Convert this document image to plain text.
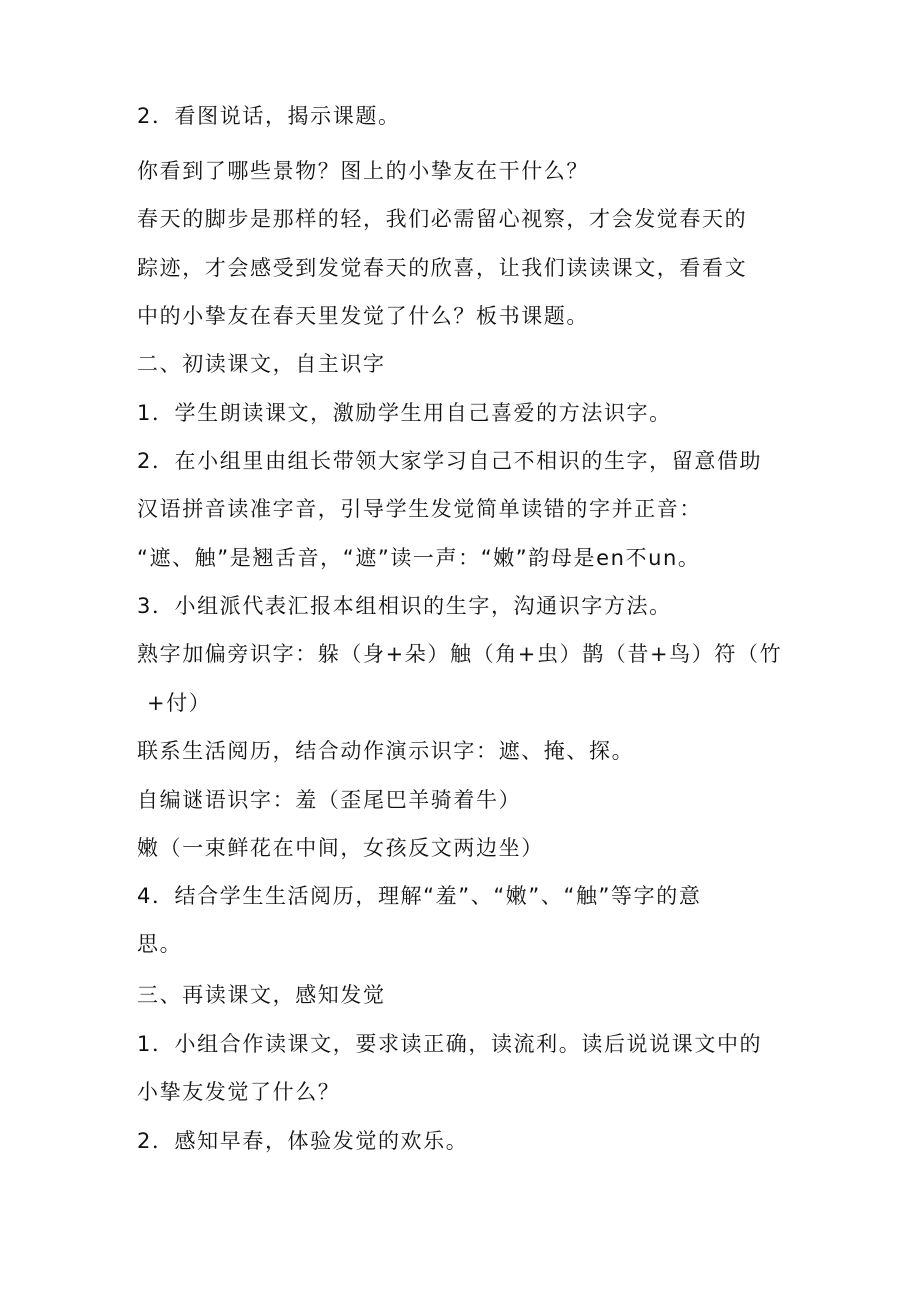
2．看图说话，揭示课题。
你看到了哪些景物？图上的小挚友在干什么？
春天的脚步是那样的轻，我们必需留心视察，才会发觉春天的
踪迹，才会感受到发觉春天的欣喜，让我们读读课文，看看文
中的小挚友在春天里发觉了什么？板书课题。
二、初读课文，自主识字
1．学生朗读课文，激励学生用自己喜爱的方法识字。
2．在小组里由组长带领大家学习自己不相识的生字，留意借助
汉语拼音读准字音，引导学生发觉简单读错的字并正音：
“遮、触”是翘舌音，“遮”读一声：“嫩”韵母是en不un。
3．小组派代表汇报本组相识的生字，沟通识字方法。
熟字加偏旁识字：躲（身+朵）触（角+虫）鹊（昔+鸟）符（竹
+付）
联系生活阅历，结合动作演示识字：遮、掩、探。
自编谜语识字：羞（歪尾巴羊骑着牛）
嫩（一束鲜花在中间，女孩反文两边坐）
4．结合学生生活阅历，理解“羞”、“嫩”、“触”等字的意
思。
三、再读课文，感知发觉
1．小组合作读课文，要求读正确，读流利。读后说说课文中的
小挚友发觉了什么？
2．感知早春，体验发觉的欢乐。
